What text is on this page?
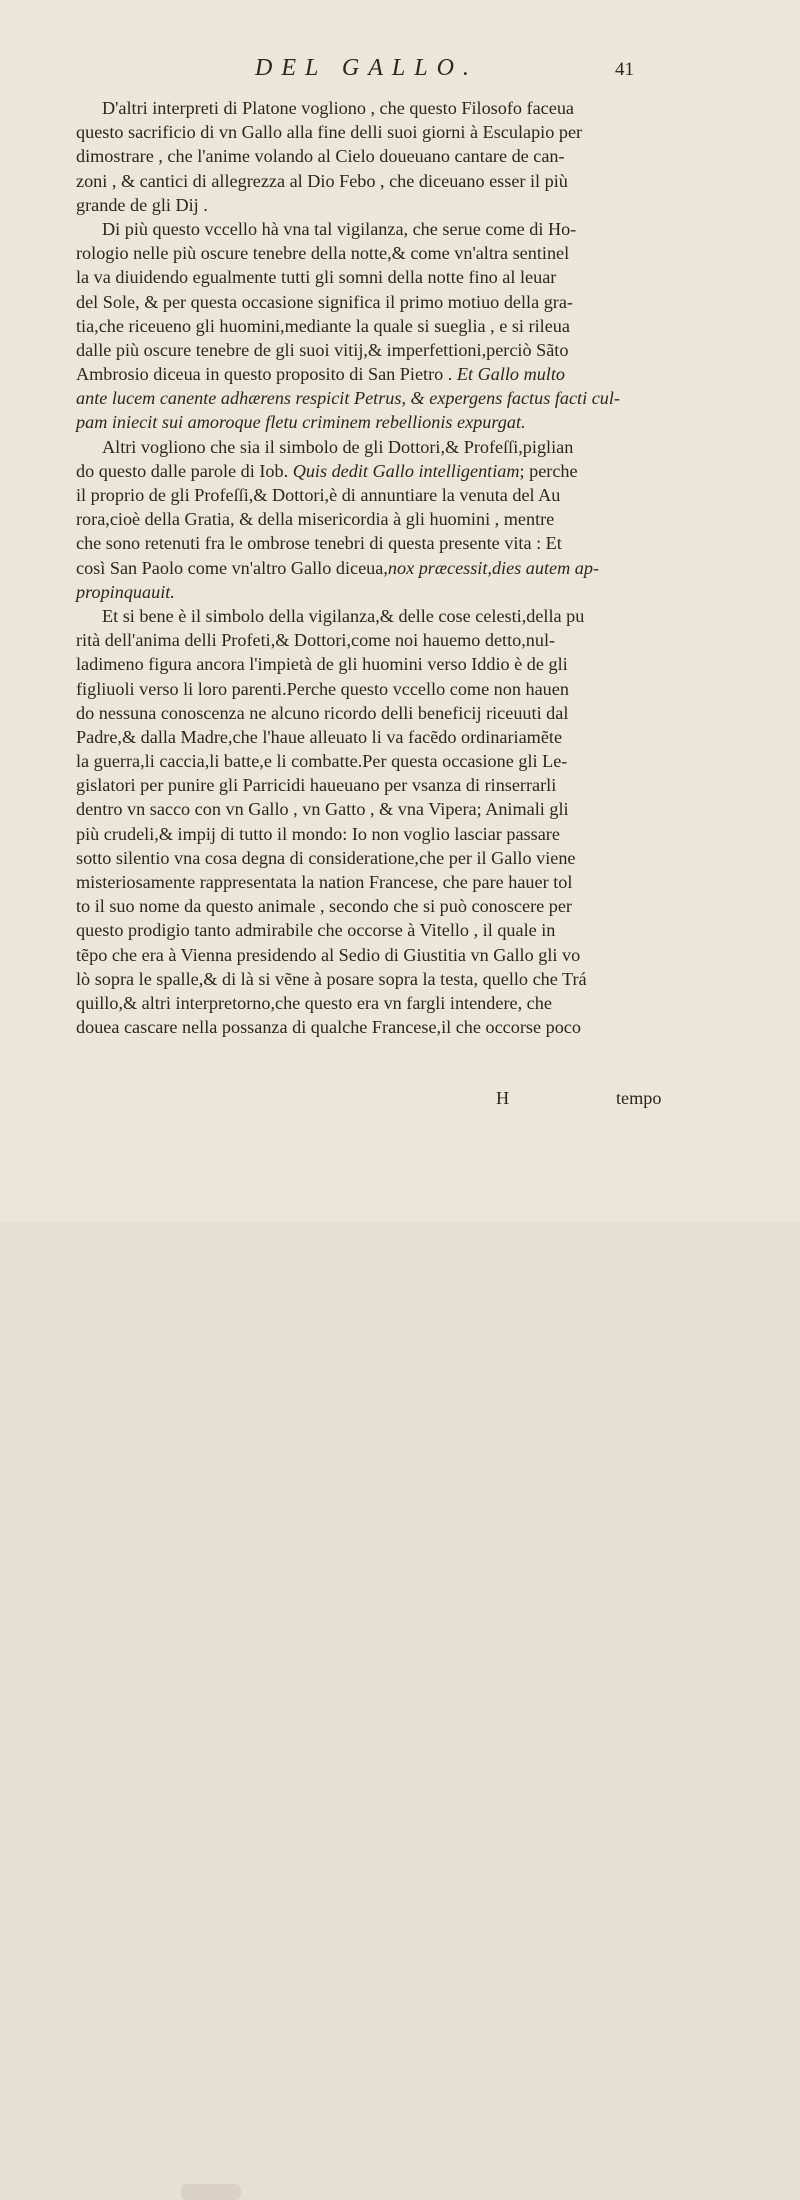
DEL GALLO.	41
D'altri interpreti di Platone vogliono , che questo Filosofo faceua
questo sacrificio di vn Gallo alla fine delli suoi giorni à Esculapio per
dimostrare , che l'anime volando al Cielo doueuano cantare de can-
zoni , & cantici di allegrezza al Dio Febo , che diceuano esser il più
grande de gli Dij .
Di più questo vccello hà vna tal vigilanza, che serue come di Ho-
rologio nelle più oscure tenebre della notte,& come vn'altra sentinel
la va diuidendo egualmente tutti gli somni della notte fino al leuar
del Sole, & per questa occasione significa il primo motiuo della gra-
tia,che riceueno gli huomini,mediante la quale si sueglia , e si rileua
dalle più oscure tenebre de gli suoi vitij,& imperfettioni,perciò Sãto
Ambrosio diceua in questo proposito di San Pietro . Et Gallo multo
ante lucem canente adhærens respicit Petrus, & expergens factus facti cul-
pam iniecit sui amoroque fletu criminem rebellionis expurgat.
Altri vogliono che sia il simbolo de gli Dottori,& Profeſſi,piglian
do questo dalle parole di Iob. Quis dedit Gallo intelligentiam; perche
il proprio de gli Profeſſi,& Dottori,è di annuntiare la venuta del Au
rora,cioè della Gratia, & della misericordia à gli huomini , mentre
che sono retenuti fra le ombrose tenebri di questa presente vita : Et
così San Paolo come vn'altro Gallo diceua,nox præcessit,dies autem ap-
propinquauit.
Et si bene è il simbolo della vigilanza,& delle cose celesti,della pu
rità dell'anima delli Profeti,& Dottori,come noi hauemo detto,nul-
ladimeno figura ancora l'impietà de gli huomini verso Iddio è de gli
figliuoli verso li loro parenti.Perche questo vccello come non hauen
do nessuna conoscenza ne alcuno ricordo delli beneficij riceuuti dal
Padre,& dalla Madre,che l'haue alleuato li va facẽdo ordinariamẽte
la guerra,li caccia,li batte,e li combatte.Per questa occasione gli Le-
gislatori per punire gli Parricidi haueuano per vsanza di rinserrarli
dentro vn sacco con vn Gallo , vn Gatto , & vna Vipera; Animali gli
più crudeli,& impij di tutto il mondo: Io non voglio lasciar passare
sotto silentio vna cosa degna di consideratione,che per il Gallo viene
misteriosamente rappresentata la nation Francese, che pare hauer tol
to il suo nome da questo animale , secondo che si può conoscere per
questo prodigio tanto admirabile che occorse à Vitello , il quale in
tẽpo che era à Vienna presidendo al Sedio di Giustitia vn Gallo gli vo
lò sopra le spalle,& di là si vẽne à posare sopra la testa, quello che Trá
quillo,& altri interpretorno,che questo era vn fargli intendere, che
douea cascare nella possanza di qualche Francese,il che occorse poco
H	tempo
